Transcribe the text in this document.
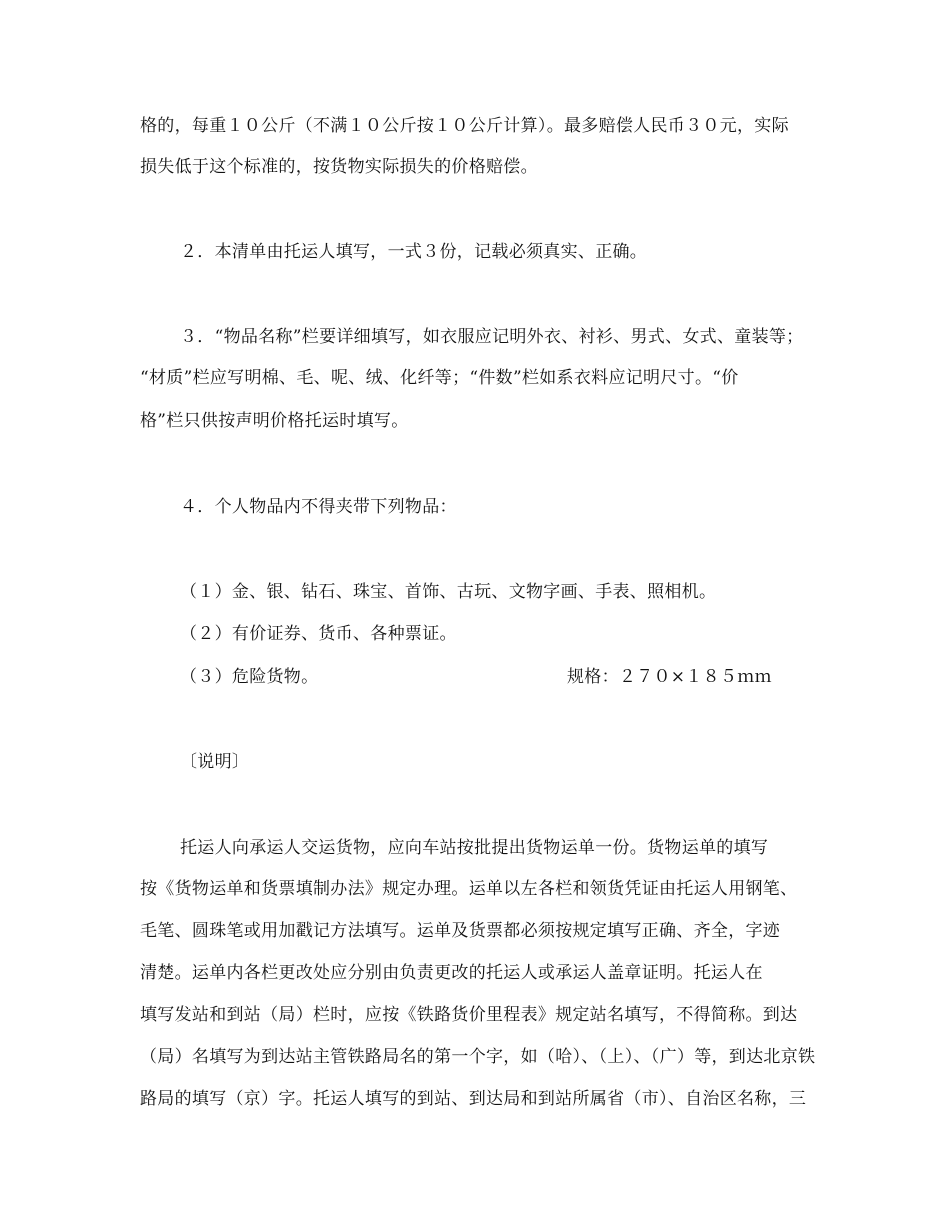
格的，每重１０公斤（不满１０公斤按１０公斤计算）。最多赔偿人民币３０元，实际
损失低于这个标准的，按货物实际损失的价格赔偿。
２．本清单由托运人填写，一式３份，记载必须真实、正确。
３．“物品名称”栏要详细填写，如衣服应记明外衣、衬衫、男式、女式、童装等；
“材质”栏应写明棉、毛、呢、绒、化纤等；“件数”栏如系衣料应记明尺寸。“价
格”栏只供按声明价格托运时填写。
４．个人物品内不得夹带下列物品：
（１）金、银、钻石、珠宝、首饰、古玩、文物字画、手表、照相机。
（２）有价证券、货币、各种票证。
（３）危险货物。	规格：２７０×１８５ｍｍ
〔说明〕
托运人向承运人交运货物，应向车站按批提出货物运单一份。货物运单的填写
按《货物运单和货票填制办法》规定办理。运单以左各栏和领货凭证由托运人用钢笔、
毛笔、圆珠笔或用加戳记方法填写。运单及货票都必须按规定填写正确、齐全，字迹
清楚。运单内各栏更改处应分别由负责更改的托运人或承运人盖章证明。托运人在
填写发站和到站（局）栏时，应按《铁路货价里程表》规定站名填写，不得简称。到达
（局）名填写为到达站主管铁路局名的第一个字，如（哈）、（上）、（广）等，到达北京铁
路局的填写（京）字。托运人填写的到站、到达局和到站所属省（市）、自治区名称，三
